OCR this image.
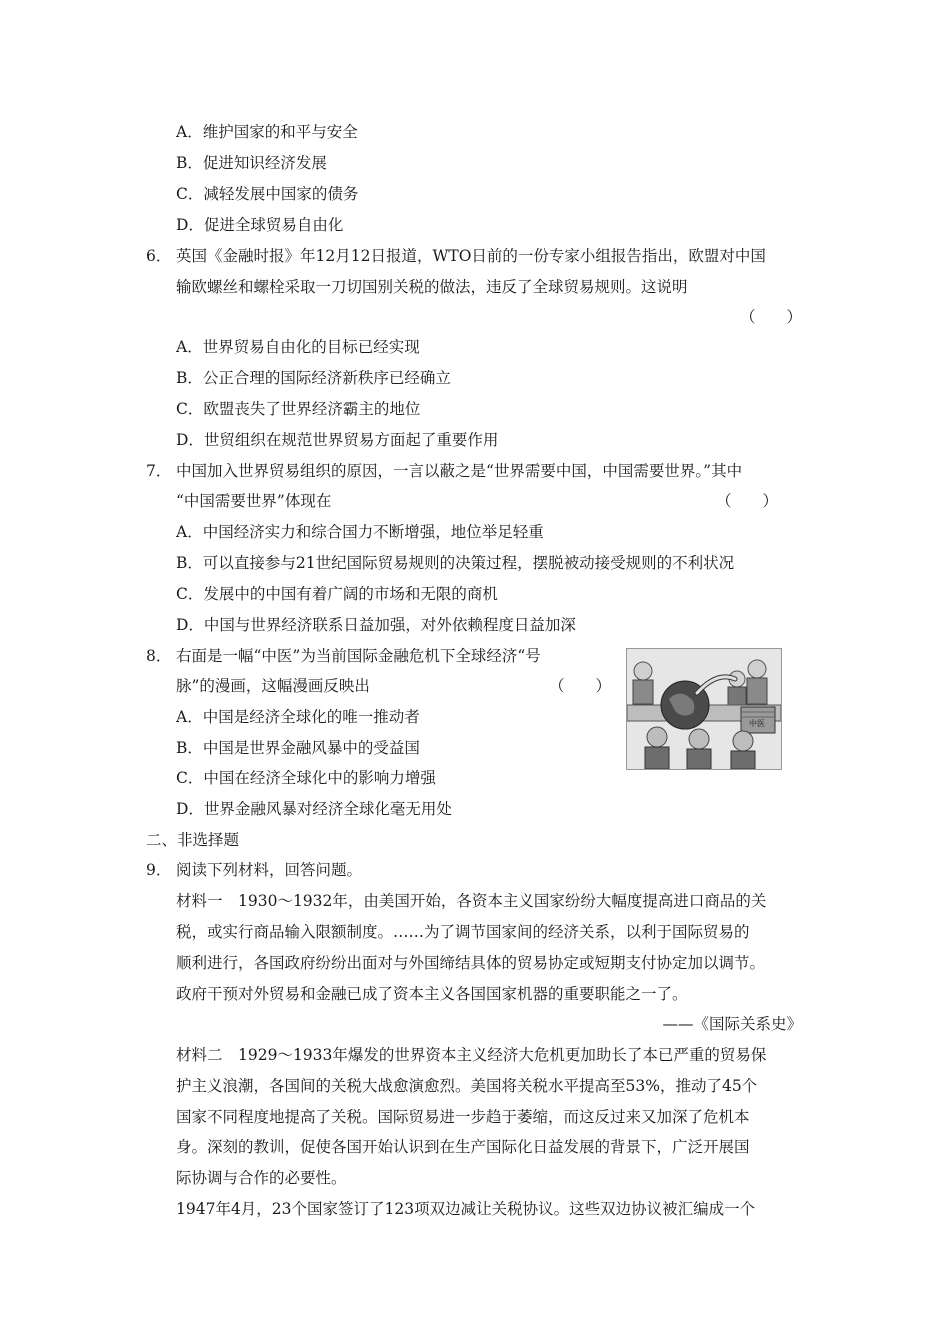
A．维护国家的和平与安全
B．促进知识经济发展
C．减轻发展中国家的债务
D．促进全球贸易自由化
6． 英国《金融时报》年12月12日报道，WTO日前的一份专家小组报告指出，欧盟对中国
输欧螺丝和螺栓采取一刀切国别关税的做法，违反了全球贸易规则。这说明
（　　）
A．世界贸易自由化的目标已经实现
B．公正合理的国际经济新秩序已经确立
C．欧盟丧失了世界经济霸主的地位
D．世贸组织在规范世界贸易方面起了重要作用
7． 中国加入世界贸易组织的原因，一言以蔽之是“世界需要中国，中国需要世界。”其中
“中国需要世界”体现在	（　　）
A．中国经济实力和综合国力不断增强，地位举足轻重
B．可以直接参与21世纪国际贸易规则的决策过程，摆脱被动接受规则的不利状况
C．发展中的中国有着广阔的市场和无限的商机
D．中国与世界经济联系日益加强，对外依赖程度日益加深
8． 右面是一幅“中医”为当前国际金融危机下全球经济“号
脉”的漫画，这幅漫画反映出	（　　）
A．中国是经济全球化的唯一推动者
B．中国是世界金融风暴中的受益国
C．中国在经济全球化中的影响力增强
D．世界金融风暴对经济全球化毫无用处
中医
二、非选择题
9． 阅读下列材料，回答问题。
材料一　1930～1932年，由美国开始，各资本主义国家纷纷大幅度提高进口商品的关
税，或实行商品输入限额制度。……为了调节国家间的经济关系，以利于国际贸易的
顺利进行，各国政府纷纷出面对与外国缔结具体的贸易协定或短期支付协定加以调节。
政府干预对外贸易和金融已成了资本主义各国国家机器的重要职能之一了。
——《国际关系史》
材料二　1929～1933年爆发的世界资本主义经济大危机更加助长了本已严重的贸易保
护主义浪潮，各国间的关税大战愈演愈烈。美国将关税水平提高至53%，推动了45个
国家不同程度地提高了关税。国际贸易进一步趋于萎缩，而这反过来又加深了危机本
身。深刻的教训，促使各国开始认识到在生产国际化日益发展的背景下，广泛开展国
际协调与合作的必要性。
1947年4月，23个国家签订了123项双边减让关税协议。这些双边协议被汇编成一个
